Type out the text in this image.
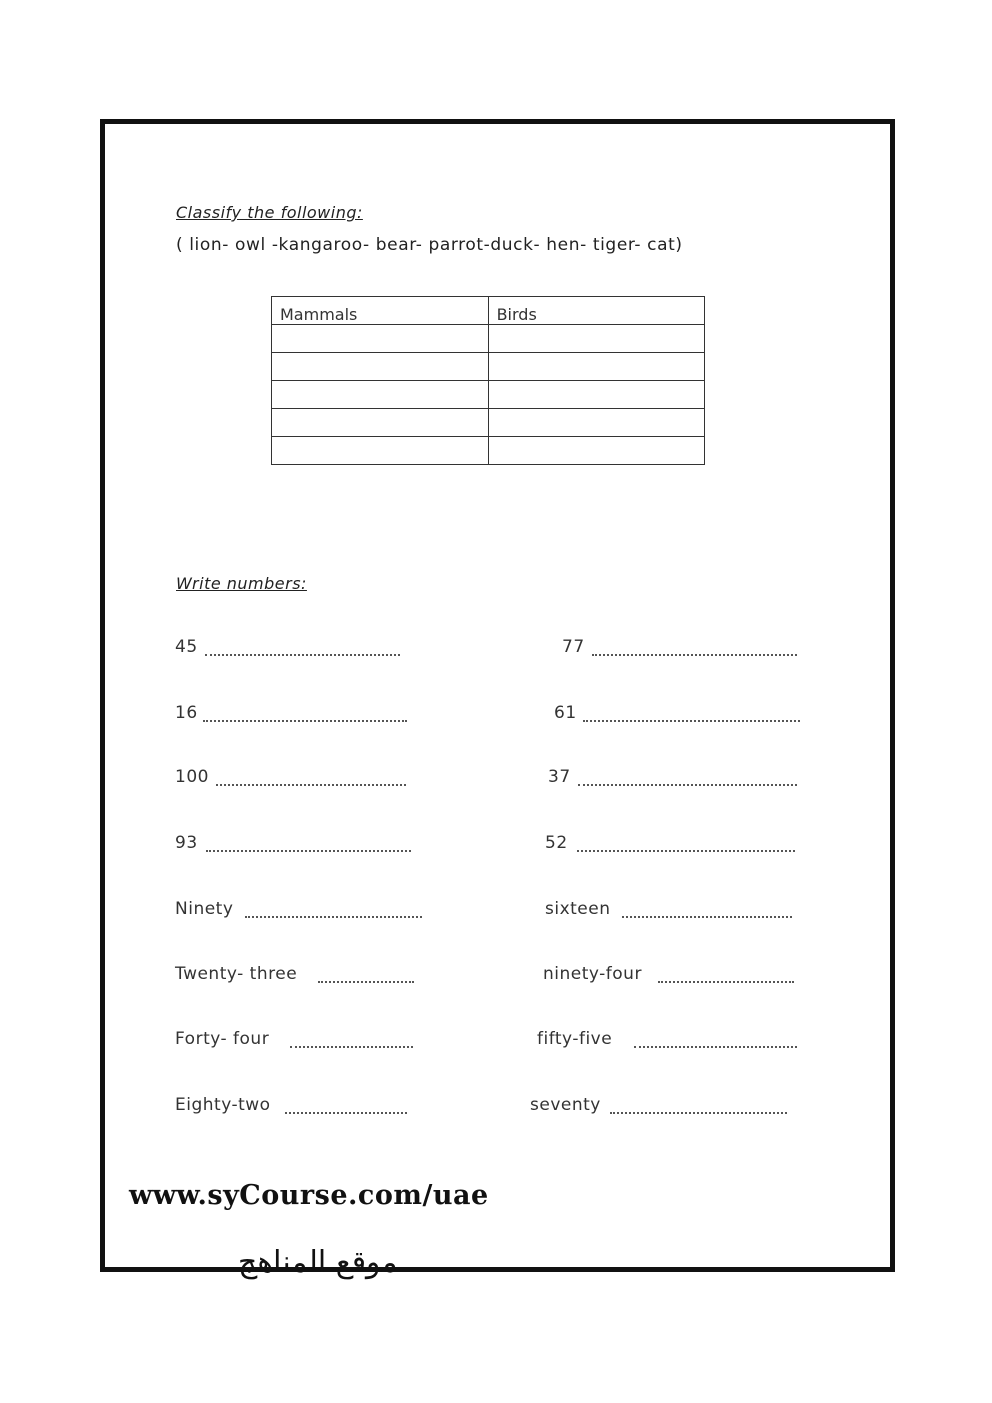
Classify the following:
( lion- owl -kangaroo- bear- parrot-duck- hen- tiger- cat)
Mammals	Birds

Write numbers:
45	77
16	61
100	37
93	52
Ninety	sixteen
Twenty- three	ninety-four
Forty- four	fifty-five
Eighty-two	seventy
www.syCourse.com/uae
موقع المناهج
